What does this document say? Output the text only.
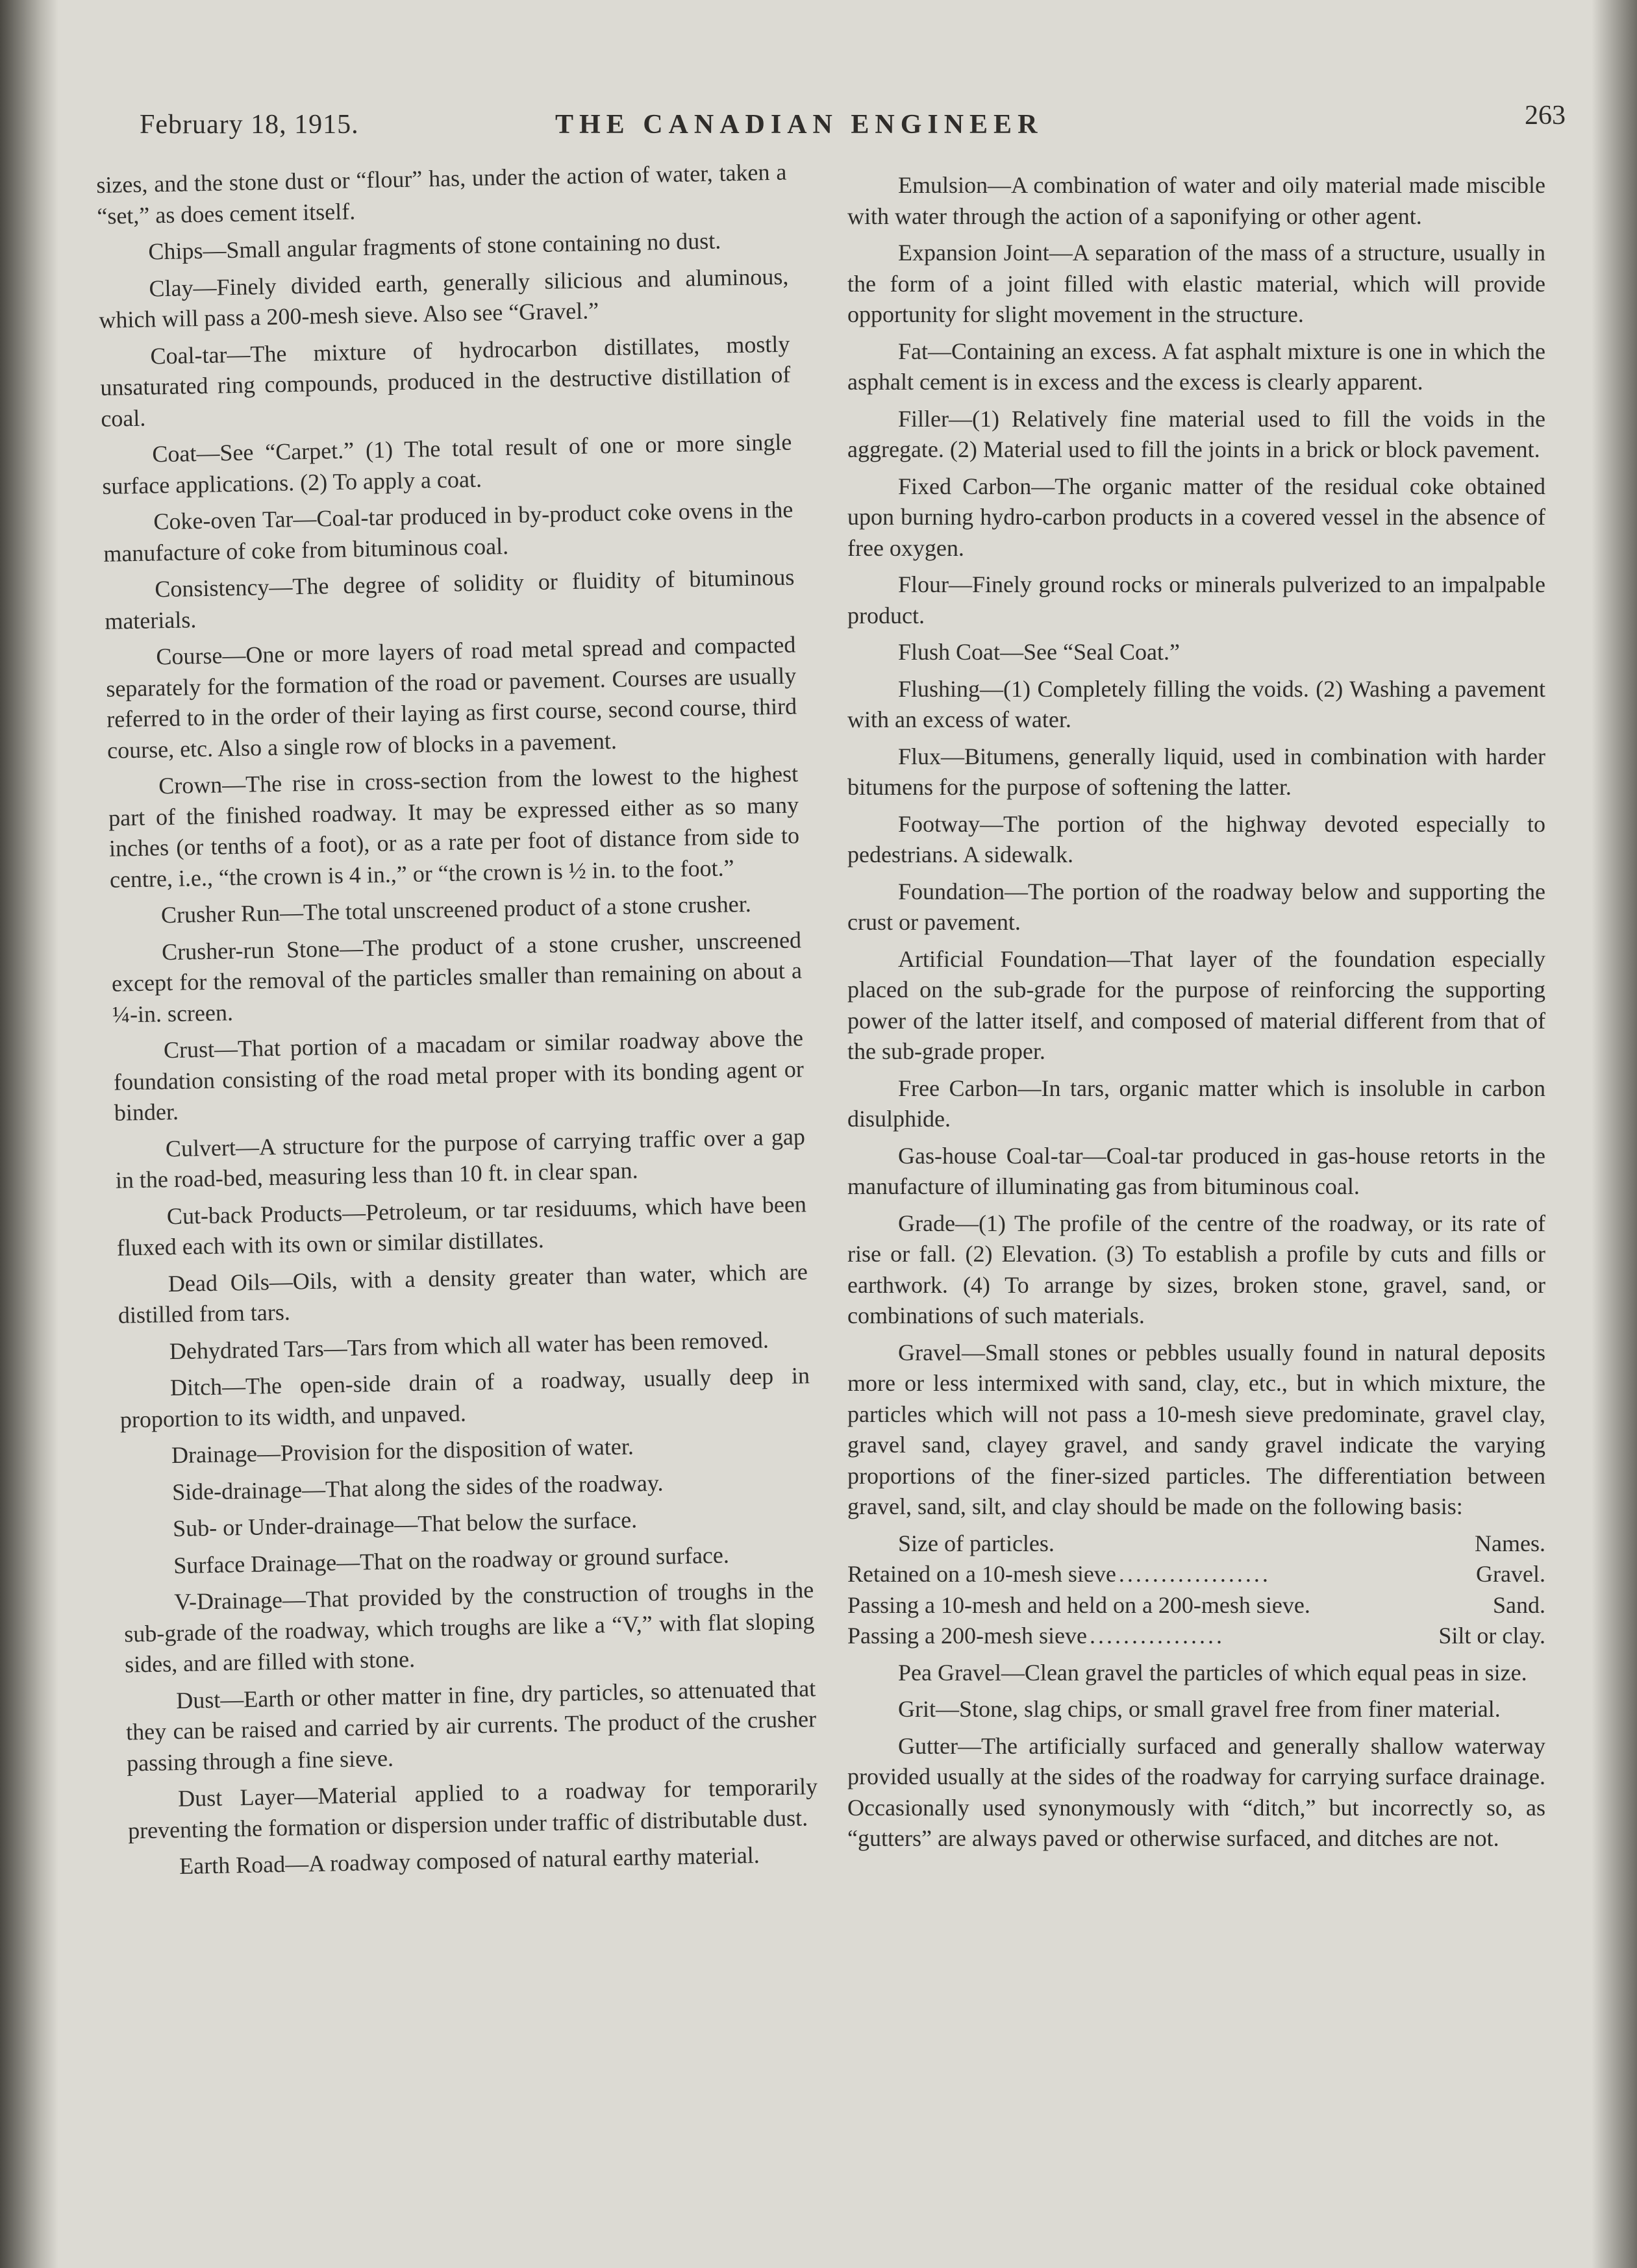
February 18, 1915.	THE CANADIAN ENGINEER	263

sizes, and the stone dust or “flour” has, under the action of water, taken a “set,” as does cement itself.

Chips—Small angular fragments of stone containing no dust.

Clay—Finely divided earth, generally silicious and aluminous, which will pass a 200-mesh sieve. Also see “Gravel.”

Coal-tar—The mixture of hydrocarbon distillates, mostly unsaturated ring compounds, produced in the destructive distillation of coal.

Coat—See “Carpet.” (1) The total result of one or more single surface applications. (2) To apply a coat.

Coke-oven Tar—Coal-tar produced in by-product coke ovens in the manufacture of coke from bituminous coal.

Consistency—The degree of solidity or fluidity of bituminous materials.

Course—One or more layers of road metal spread and compacted separately for the formation of the road or pavement. Courses are usually referred to in the order of their laying as first course, second course, third course, etc. Also a single row of blocks in a pavement.

Crown—The rise in cross-section from the lowest to the highest part of the finished roadway. It may be expressed either as so many inches (or tenths of a foot), or as a rate per foot of distance from side to centre, i.e., “the crown is 4 in.,” or “the crown is ½ in. to the foot.”

Crusher Run—The total unscreened product of a stone crusher.

Crusher-run Stone—The product of a stone crusher, unscreened except for the removal of the particles smaller than remaining on about a ¼-in. screen.

Crust—That portion of a macadam or similar roadway above the foundation consisting of the road metal proper with its bonding agent or binder.

Culvert—A structure for the purpose of carrying traffic over a gap in the road-bed, measuring less than 10 ft. in clear span.

Cut-back Products—Petroleum, or tar residuums, which have been fluxed each with its own or similar distillates.

Dead Oils—Oils, with a density greater than water, which are distilled from tars.

Dehydrated Tars—Tars from which all water has been removed.

Ditch—The open-side drain of a roadway, usually deep in proportion to its width, and unpaved.

Drainage—Provision for the disposition of water.

Side-drainage—That along the sides of the roadway.

Sub- or Under-drainage—That below the surface.

Surface Drainage—That on the roadway or ground surface.

V-Drainage—That provided by the construction of troughs in the sub-grade of the roadway, which troughs are like a “V,” with flat sloping sides, and are filled with stone.

Dust—Earth or other matter in fine, dry particles, so attenuated that they can be raised and carried by air currents. The product of the crusher passing through a fine sieve.

Dust Layer—Material applied to a roadway for temporarily preventing the formation or dispersion under traffic of distributable dust.

Earth Road—A roadway composed of natural earthy material.

Emulsion—A combination of water and oily material made miscible with water through the action of a saponifying or other agent.

Expansion Joint—A separation of the mass of a structure, usually in the form of a joint filled with elastic material, which will provide opportunity for slight movement in the structure.

Fat—Containing an excess. A fat asphalt mixture is one in which the asphalt cement is in excess and the excess is clearly apparent.

Filler—(1) Relatively fine material used to fill the voids in the aggregate. (2) Material used to fill the joints in a brick or block pavement.

Fixed Carbon—The organic matter of the residual coke obtained upon burning hydro-carbon products in a covered vessel in the absence of free oxygen.

Flour—Finely ground rocks or minerals pulverized to an impalpable product.

Flush Coat—See “Seal Coat.”

Flushing—(1) Completely filling the voids. (2) Washing a pavement with an excess of water.

Flux—Bitumens, generally liquid, used in combination with harder bitumens for the purpose of softening the latter.

Footway—The portion of the highway devoted especially to pedestrians. A sidewalk.

Foundation—The portion of the roadway below and supporting the crust or pavement.

Artificial Foundation—That layer of the foundation especially placed on the sub-grade for the purpose of reinforcing the supporting power of the latter itself, and composed of material different from that of the sub-grade proper.

Free Carbon—In tars, organic matter which is insoluble in carbon disulphide.

Gas-house Coal-tar—Coal-tar produced in gas-house retorts in the manufacture of illuminating gas from bituminous coal.

Grade—(1) The profile of the centre of the roadway, or its rate of rise or fall. (2) Elevation. (3) To establish a profile by cuts and fills or earthwork. (4) To arrange by sizes, broken stone, gravel, sand, or combinations of such materials.

Gravel—Small stones or pebbles usually found in natural deposits more or less intermixed with sand, clay, etc., but in which mixture, the particles which will not pass a 10-mesh sieve predominate, gravel clay, gravel sand, clayey gravel, and sandy gravel indicate the varying proportions of the finer-sized particles. The differentiation between gravel, sand, silt, and clay should be made on the following basis:

Size of particles.	Names.
Retained on a 10-mesh sieve ..................	Gravel.
Passing a 10-mesh and held on a 200-mesh sieve.	Sand.
Passing a 200-mesh sieve ................	Silt or clay.

Pea Gravel—Clean gravel the particles of which equal peas in size.

Grit—Stone, slag chips, or small gravel free from finer material.

Gutter—The artificially surfaced and generally shallow waterway provided usually at the sides of the roadway for carrying surface drainage. Occasionally used synonymously with “ditch,” but incorrectly so, as “gutters” are always paved or otherwise surfaced, and ditches are not.
